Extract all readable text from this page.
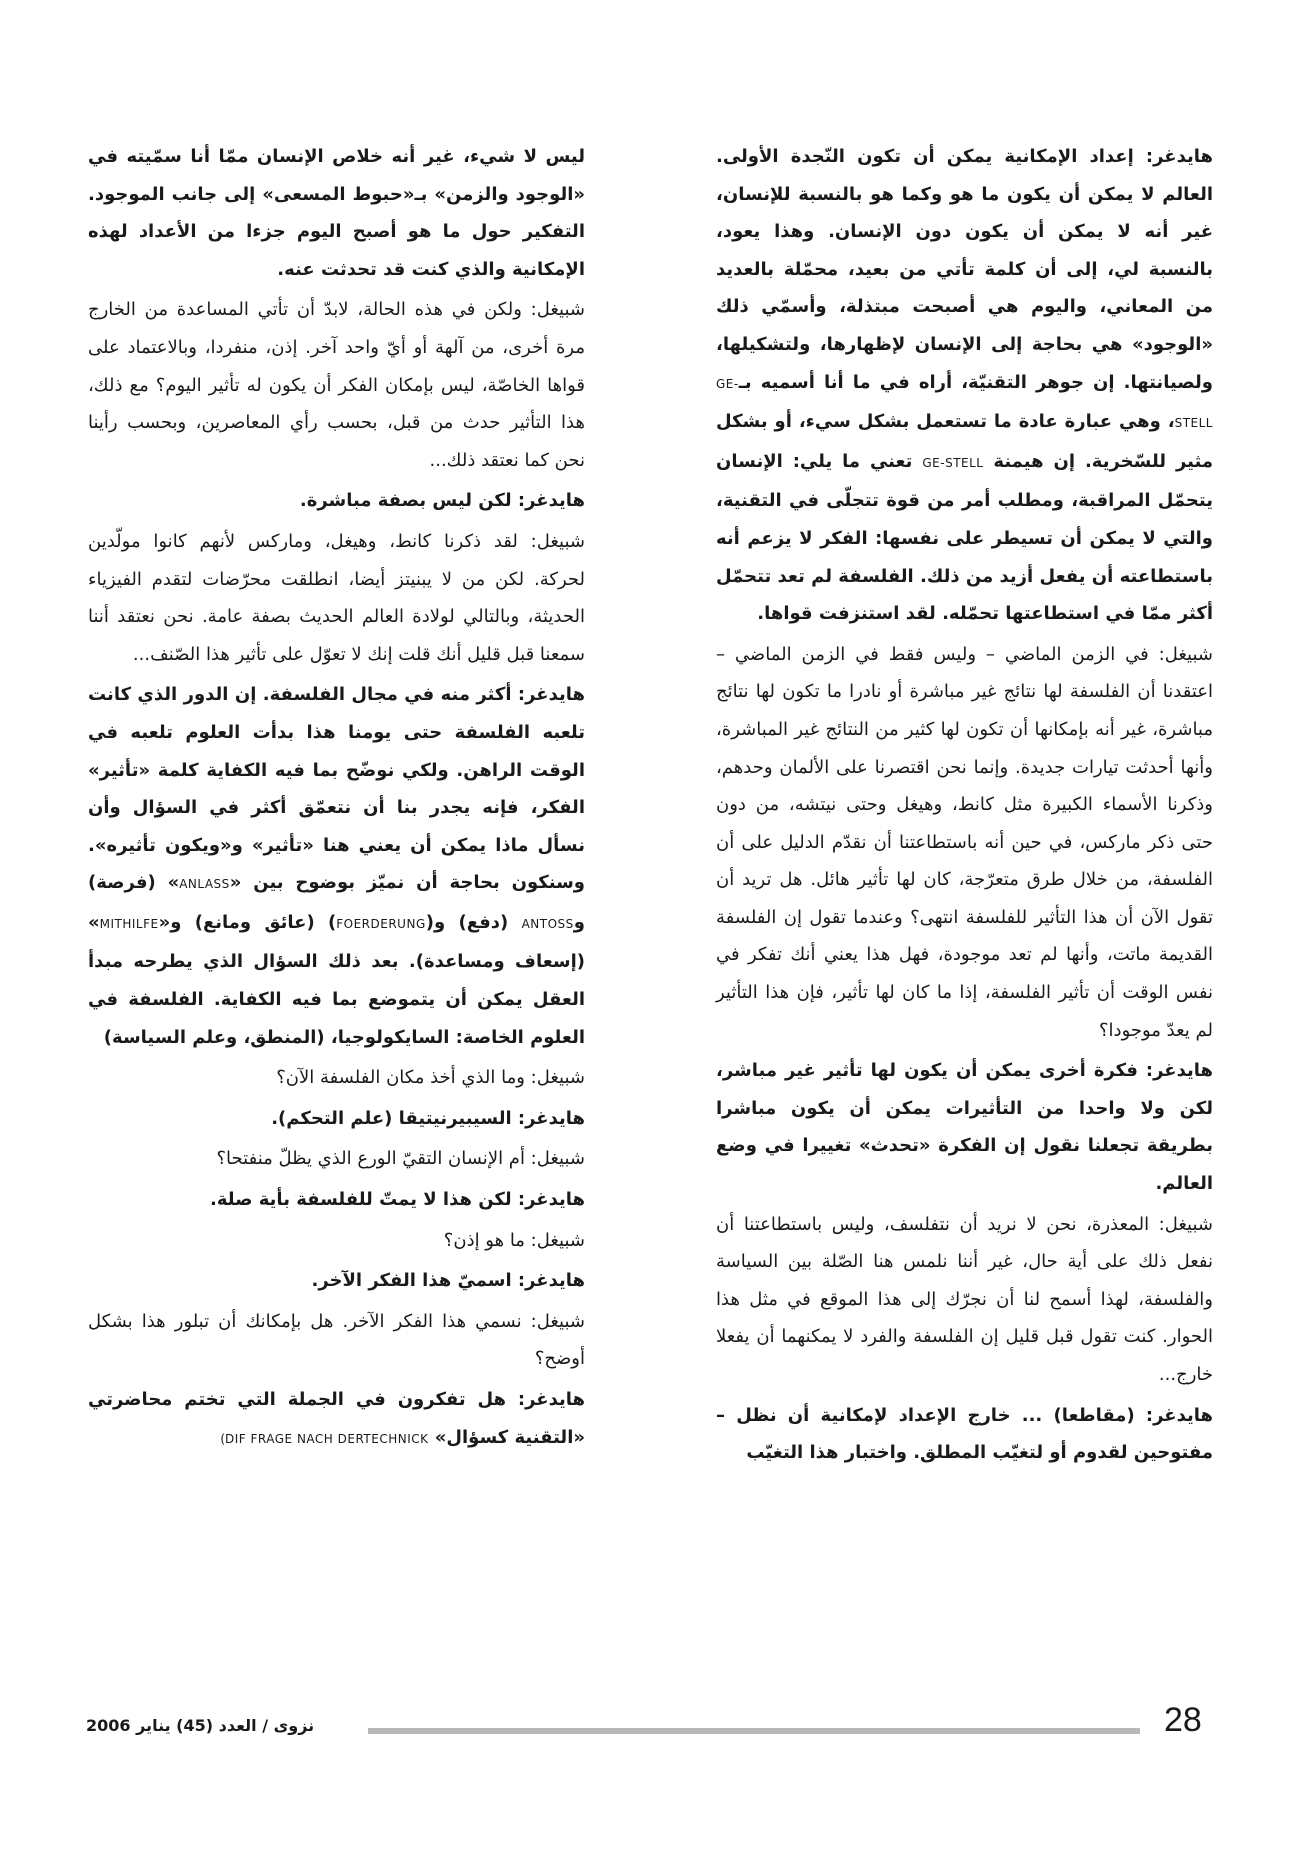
هايدغر: إعداد الإمكانية يمكن أن تكون النّجدة الأولى. العالم لا يمكن أن يكون ما هو وكما هو بالنسبة للإنسان، غير أنه لا يمكن أن يكون دون الإنسان. وهذا يعود، بالنسبة لي، إلى أن كلمة تأتي من بعيد، محمّلة بالعديد من المعاني، واليوم هي أصبحت مبتذلة، وأسمّي ذلك «الوجود» هي بحاجة إلى الإنسان لإظهارها، ولتشكيلها، ولصيانتها. إن جوهر التقنيّة، أراه في ما أنا أسميه بـGE-STELL، وهي عبارة عادة ما تستعمل بشكل سيء، أو بشكل مثير للسّخرية. إن هيمنة GE-STELL تعني ما يلي: الإنسان يتحمّل المراقبة، ومطلب أمر من قوة تتجلّى في التقنية، والتي لا يمكن أن تسيطر على نفسها: الفكر لا يزعم أنه باستطاعته أن يفعل أزيد من ذلك. الفلسفة لم تعد تتحمّل أكثر ممّا في استطاعتها تحمّله. لقد استنزفت قواها.

شبيغل: في الزمن الماضي – وليس فقط في الزمن الماضي – اعتقدنا أن الفلسفة لها نتائج غير مباشرة أو نادرا ما تكون لها نتائج مباشرة، غير أنه بإمكانها أن تكون لها كثير من النتائج غير المباشرة، وأنها أحدثت تيارات جديدة. وإنما نحن اقتصرنا على الألمان وحدهم، وذكرنا الأسماء الكبيرة مثل كانط، وهيغل وحتى نيتشه، من دون حتى ذكر ماركس، في حين أنه باستطاعتنا أن نقدّم الدليل على أن الفلسفة، من خلال طرق متعرّجة، كان لها تأثير هائل. هل تريد أن تقول الآن أن هذا التأثير للفلسفة انتهى؟ وعندما تقول إن الفلسفة القديمة ماتت، وأنها لم تعد موجودة، فهل هذا يعني أنك تفكر في نفس الوقت أن تأثير الفلسفة، إذا ما كان لها تأثير، فإن هذا التأثير لم يعدّ موجودا؟

هايدغر: فكرة أخرى يمكن أن يكون لها تأثير غير مباشر، لكن ولا واحدا من التأثيرات يمكن أن يكون مباشرا بطريقة تجعلنا نقول إن الفكرة «تحدث» تغييرا في وضع العالم.

شبيغل: المعذرة، نحن لا نريد أن نتفلسف، وليس باستطاعتنا أن نفعل ذلك على أية حال، غير أننا نلمس هنا الصّلة بين السياسة والفلسفة، لهذا أسمح لنا أن نجرّك إلى هذا الموقع في مثل هذا الحوار. كنت تقول قبل قليل إن الفلسفة والفرد لا يمكنهما أن يفعلا خارج...

هايدغر: (مقاطعا) ... خارج الإعداد لإمكانية أن نظل – مفتوحين لقدوم أو لتغيّب المطلق. واختبار هذا التغيّب

ليس لا شيء، غير أنه خلاص الإنسان ممّا أنا سمّيته في «الوجود والزمن» بـ«حبوط المسعى» إلى جانب الموجود. التفكير حول ما هو أصبح اليوم جزءا من الأعداد لهذه الإمكانية والذي كنت قد تحدثت عنه.

شبيغل: ولكن في هذه الحالة، لابدّ أن تأتي المساعدة من الخارج مرة أخرى، من آلهة أو أيّ واحد آخر. إذن، منفردا، وبالاعتماد على قواها الخاصّة، ليس بإمكان الفكر أن يكون له تأثير اليوم؟ مع ذلك، هذا التأثير حدث من قبل، بحسب رأي المعاصرين، وبحسب رأينا نحن كما نعتقد ذلك...

هايدغر: لكن ليس بصفة مباشرة.

شبيغل: لقد ذكرنا كانط، وهيغل، وماركس لأنهم كانوا مولّدين لحركة. لكن من لا يبنيتز أيضا، انطلقت محرّضات لتقدم الفيزياء الحديثة، وبالتالي لولادة العالم الحديث بصفة عامة. نحن نعتقد أننا سمعنا قبل قليل أنك قلت إنك لا تعوّل على تأثير هذا الصّنف...

هايدغر: أكثر منه في مجال الفلسفة. إن الدور الذي كانت تلعبه الفلسفة حتى يومنا هذا بدأت العلوم تلعبه في الوقت الراهن. ولكي نوضّح بما فيه الكفاية كلمة «تأثير» الفكر، فإنه يجدر بنا أن نتعمّق أكثر في السؤال وأن نسأل ماذا يمكن أن يعني هنا «تأثير» و«ويكون تأثيره». وسنكون بحاجة أن نميّز بوضوح بين «ANLASS» (فرصة) وANTOSS (دفع) و(FOERDERUNG) (عائق ومانع) و«MITHILFE» (إسعاف ومساعدة). بعد ذلك السؤال الذي يطرحه مبدأ العقل يمكن أن يتموضع بما فيه الكفاية. الفلسفة في العلوم الخاصة: السايكولوجيا، (المنطق، وعلم السياسة)

شبيغل: وما الذي أخذ مكان الفلسفة الآن؟

هايدغر: السيبيرنيتيقا (علم التحكم).

شبيغل: أم الإنسان التقيّ الورع الذي يظلّ منفتحا؟

هايدغر: لكن هذا لا يمتّ للفلسفة بأية صلة.

شبيغل: ما هو إذن؟

هايدغر: اسميّ هذا الفكر الآخر.

شبيغل: نسمي هذا الفكر الآخر. هل بإمكانك أن تبلور هذا بشكل أوضح؟

هايدغر: هل تفكرون في الجملة التي تختم محاضرتي «التقنية كسؤال» (DIF FRAGE NACH DERTECHNICK

28
نزوى / العدد (45) يناير 2006
